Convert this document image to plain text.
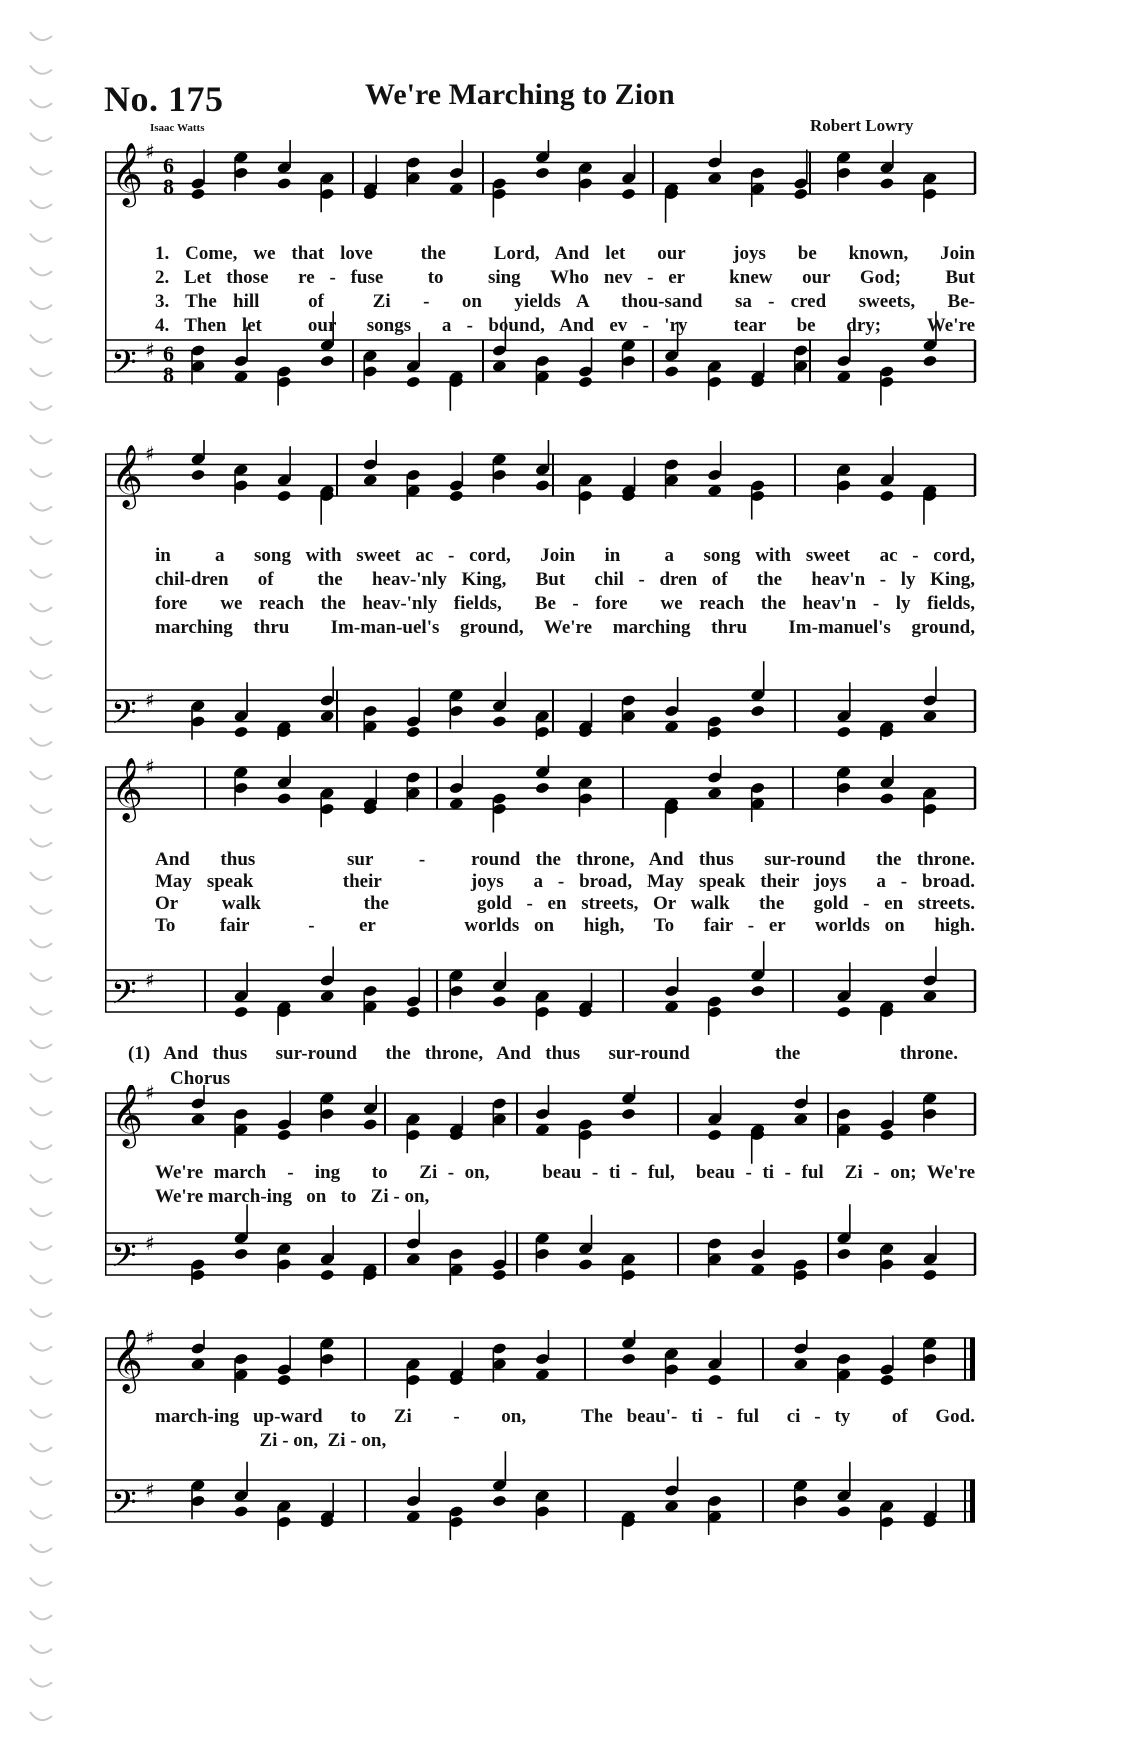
No. 175	We're Marching to Zion
Isaac Watts	Robert Lowry
𝄞 ♯
6
8
𝄢 ♯ 6
8
1. Come, we that love   the   Lord, And let  our   joys  be  known,  Join
2. Let those  re - fuse   to   sing  Who nev - er   knew  our  God;   But
3. The hill   of   Zi  -  on  yields A  thou-sand  sa - cred  sweets,  Be-
4. Then let   our  songs  a - bound, And ev - 'ry   tear  be  dry;   We're
𝄞 ♯
𝄢 ♯
in   a  song with sweet ac - cord,  Join  in   a  song with sweet  ac - cord,
chil-dren  of   the  heav-'nly King,  But  chil - dren of  the  heav'n - ly King,
fore  we reach the heav-'nly fields,  Be - fore  we reach the heav'n - ly fields,
marching thru  Im-man-uel's ground, We're marching thru  Im-manuel's ground,
𝄞 ♯
𝄢 ♯
And  thus      sur   -   round the throne, And thus  sur-round  the throne.
May speak      their      joys  a - broad, May speak their joys  a - broad.
Or   walk       the      gold - en streets, Or walk  the  gold - en streets.
To   fair    -   er      worlds on  high,  To  fair - er  worlds on  high.
(1) And thus  sur-round  the throne, And thus  sur-round      the       throne.
Chorus
𝄞 ♯
𝄢 ♯
We're march  -  ing   to   Zi - on,     beau - ti - ful,  beau - ti - ful  Zi - on; We're
We're march-ing   on   to   Zi - on,
𝄞 ♯
𝄢 ♯
march-ing up-ward  to  Zi   -   on,    The beau'- ti - ful  ci - ty   of  God.
Zi - on,  Zi - on,
